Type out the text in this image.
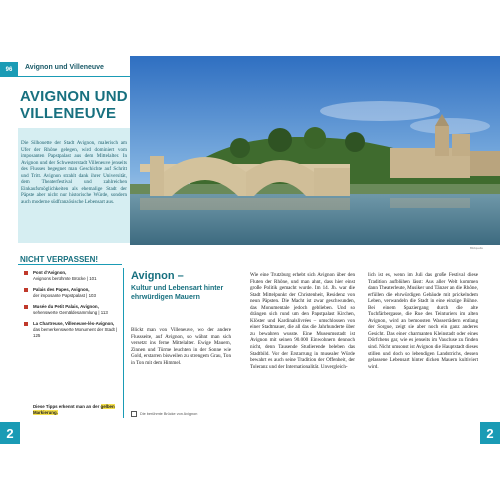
96	Avignon und Villeneuve
AVIGNON UND VILLENEUVE
Die Silhouette der Stadt Avignon, malerisch am Ufer der Rhône gelegen, wird dominiert vom imposanten Papstpalast aus dem Mittelalter. In Avignon und der Schwesterstadt Villeneuve jenseits des Flusses begegnet man Geschichte auf Schritt und Tritt. Avignon strahlt dank ihrer Universität, dem Theaterfestival und zahlreichen Einkaufsmöglichkeiten als ehemalige Stadt der Päpste aber nicht nur historische Würde, sondern auch moderne südfranzösische Lebensart aus.
Bildquelle
NICHT VERPASSEN!
Pont d'Avignon,
Avignons berühmte Brücke | 101
Palais des Papes, Avignon,
der imposante Papstpalast | 103
Musée du Petit Palais, Avignon,
sehenswerte Gemäldesammlung | 113
La Chartreuse, Villeneuve-lès-Avignon,
das bemerkenswerte Monument der Stadt | 125
Diese Tipps erkennt man an der gelben Markierung.
Avignon –
Kultur und Lebensart hinter ehrwürdigen Mauern
Blickt man von Villeneuve, wo der andere Flussseite, auf Avignon, so wähnt man sich versetzt ins ferne Mittelalter. Ewige Mauern, Zinnen und Türme leuchten in der Sonne wie Gold, erstarren bisweilen zu strengem Grau, Ton in Ton mit dem Himmel.
Die berühmte Brücke von Avignon
Wie eine Trutzburg erhebt sich Avignon über den Fluten der Rhône, und man ahnt, dass hier einst große Politik gemacht wurde. Im 14. Jh. war die Stadt Mittelpunkt der Christenheit, Residenz von neun Päpsten. Die Macht ist zwar geschwunden, das Monumentale jedoch geblieben. Und so drängen sich rund um den Papstpalast Kirchen, Klöster und Kardinalslivrées – umschlossen von einer Stadtmauer, die all das die Jahrhunderte über zu bewahren wusste. Eine Museumsstadt ist Avignon mit seinen 90.000 Einwohnern dennoch nicht, denn Tausende Studierende beleben das Stadtbild. Vor der Erstarrung in musealer Würde bewahrt es auch seine Tradition der Offenheit, der Toleranz und der Internationalität. Unvergleich-
lich ist es, wenn im Juli das große Festival diese Tradition aufblühen lässt: Aus aller Welt kommen dann Theaterleute, Musiker und Tänzer an die Rhône, erfüllen die ehrwürdigen Gebäude mit prickelndem Leben, verwandeln die Stadt in eine einzige Bühne. Bei einem Spaziergang durch die alte Tuchfärbergasse, die Rue des Teinturiers im alten Avignon, wird an bemoosten Wasserrädern entlang der Sorgue, zeigt sie aber noch ein ganz anderes Gesicht. Das einer charmanten Kleinstadt oder eines Dörfchens gar, wie es jenseits im Vaucluse zu finden sind. Nicht umsonst ist Avignon die Hauptstadt dieses stillen und doch so lebendigen Landstrichs, dessen gelassene Lebensart hinter dicken Mauern kultiviert wird.
2	2
